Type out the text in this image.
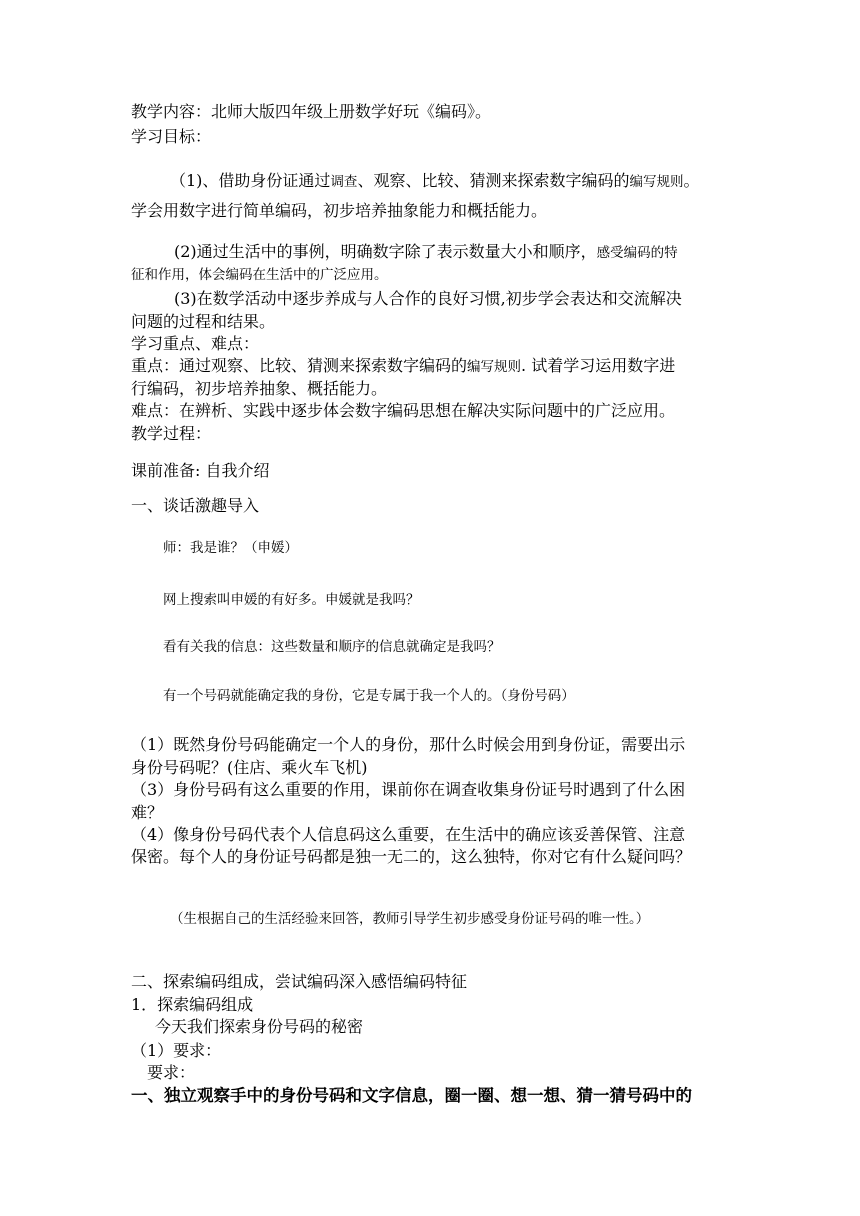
教学内容：北师大版四年级上册数学好玩《编码》。
学习目标：
（1)、借助身份证通过调查、观察、比较、猜测来探索数字编码的编写规则。
学会用数字进行简单编码，初步培养抽象能力和概括能力。
(2)通过生活中的事例，明确数字除了表示数量大小和顺序，感受编码的特
征和作用，体会编码在生活中的广泛应用。
(3)在数学活动中逐步养成与人合作的良好习惯,初步学会表达和交流解决
问题的过程和结果。
学习重点、难点：
重点：通过观察、比较、猜测来探索数字编码的编写规则. 试着学习运用数字进
行编码，初步培养抽象、概括能力。
难点：在辨析、实践中逐步体会数字编码思想在解决实际问题中的广泛应用。
教学过程：
课前准备: 自我介绍
一、谈话激趣导入
师：我是谁？（申媛）
网上搜索叫申媛的有好多。申媛就是我吗？
看有关我的信息：这些数量和顺序的信息就确定是我吗？
有一个号码就能确定我的身份，它是专属于我一个人的。（身份号码）
（1）既然身份号码能确定一个人的身份，那什么时候会用到身份证，需要出示
身份号码呢？(住店、乘火车飞机)
（3）身份号码有这么重要的作用，课前你在调查收集身份证号时遇到了什么困
难？
（4）像身份号码代表个人信息码这么重要，在生活中的确应该妥善保管、注意
保密。每个人的身份证号码都是独一无二的，这么独特，你对它有什么疑问吗？
（生根据自己的生活经验来回答，教师引导学生初步感受身份证号码的唯一性。）
二、探索编码组成，尝试编码深入感悟编码特征
1．探索编码组成
今天我们探索身份号码的秘密
（1）要求：
要求：
一、独立观察手中的身份号码和文字信息，圈一圈、想一想、猜一猜号码中的
